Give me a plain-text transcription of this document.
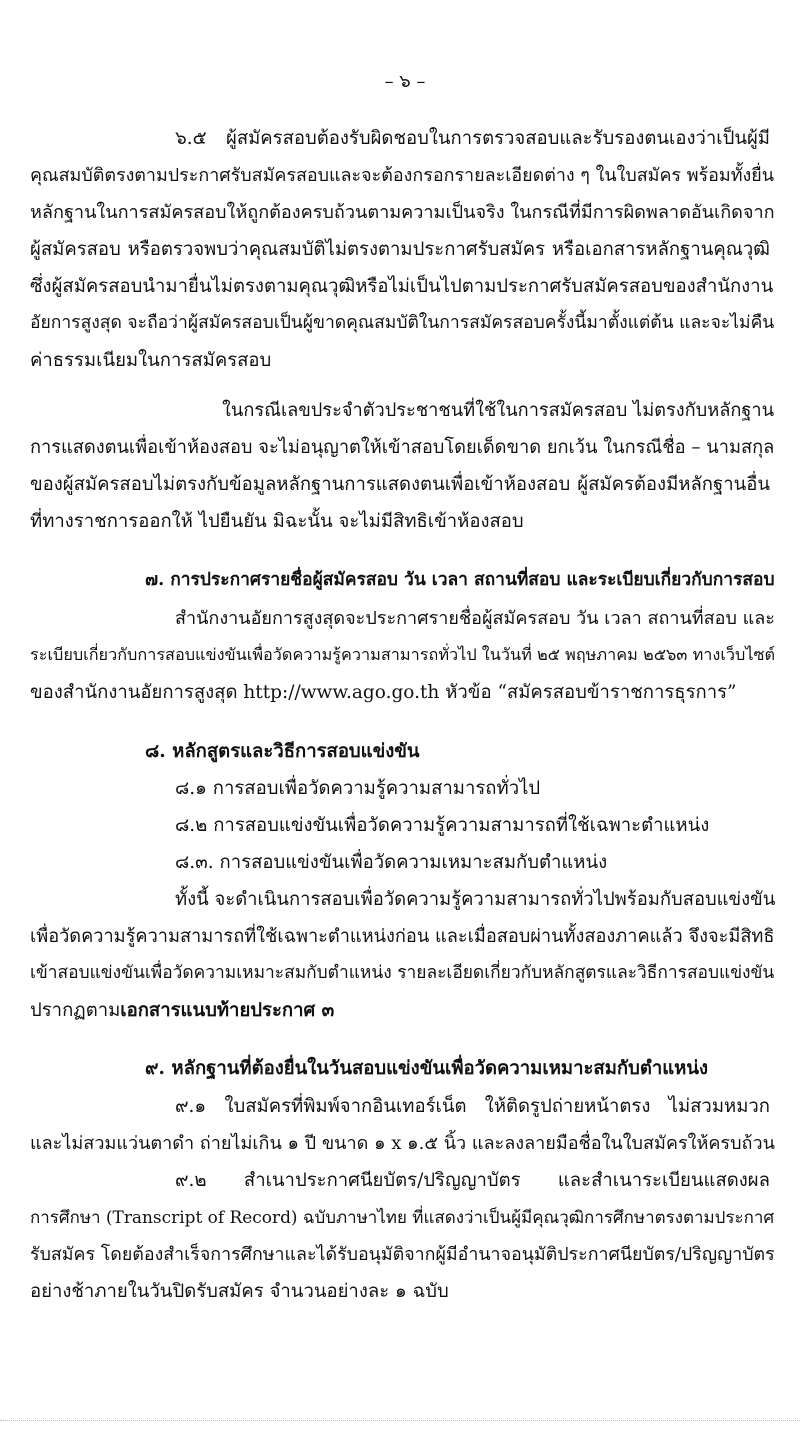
– ๖ –
๖.๕ ผู้สมัครสอบต้องรับผิดชอบในการตรวจสอบและรับรองตนเองว่าเป็นผู้มี
คุณสมบัติตรงตามประกาศรับสมัครสอบและจะต้องกรอกรายละเอียดต่าง ๆ ในใบสมัคร พร้อมทั้งยื่น
หลักฐานในการสมัครสอบให้ถูกต้องครบถ้วนตามความเป็นจริง ในกรณีที่มีการผิดพลาดอันเกิดจาก
ผู้สมัครสอบ หรือตรวจพบว่าคุณสมบัติไม่ตรงตามประกาศรับสมัคร หรือเอกสารหลักฐานคุณวุฒิ
ซึ่งผู้สมัครสอบนำมายื่นไม่ตรงตามคุณวุฒิหรือไม่เป็นไปตามประกาศรับสมัครสอบของสำนักงาน
อัยการสูงสุด จะถือว่าผู้สมัครสอบเป็นผู้ขาดคุณสมบัติในการสมัครสอบครั้งนี้มาตั้งแต่ต้น และจะไม่คืน
ค่าธรรมเนียมในการสมัครสอบ
ในกรณีเลขประจำตัวประชาชนที่ใช้ในการสมัครสอบ ไม่ตรงกับหลักฐาน
การแสดงตนเพื่อเข้าห้องสอบ จะไม่อนุญาตให้เข้าสอบโดยเด็ดขาด ยกเว้น ในกรณีชื่อ – นามสกุล
ของผู้สมัครสอบไม่ตรงกับข้อมูลหลักฐานการแสดงตนเพื่อเข้าห้องสอบ ผู้สมัครต้องมีหลักฐานอื่น
ที่ทางราชการออกให้ ไปยืนยัน มิฉะนั้น จะไม่มีสิทธิเข้าห้องสอบ
๗. การประกาศรายชื่อผู้สมัครสอบ วัน เวลา สถานที่สอบ และระเบียบเกี่ยวกับการสอบ
สำนักงานอัยการสูงสุดจะประกาศรายชื่อผู้สมัครสอบ วัน เวลา สถานที่สอบ และ
ระเบียบเกี่ยวกับการสอบแข่งขันเพื่อวัดความรู้ความสามารถทั่วไป ในวันที่ ๒๕ พฤษภาคม ๒๕๖๓ ทางเว็บไซต์
ของสำนักงานอัยการสูงสุด http://www.ago.go.th หัวข้อ “สมัครสอบข้าราชการธุรการ”
๘. หลักสูตรและวิธีการสอบแข่งขัน
๘.๑ การสอบเพื่อวัดความรู้ความสามารถทั่วไป
๘.๒ การสอบแข่งขันเพื่อวัดความรู้ความสามารถที่ใช้เฉพาะตำแหน่ง
๘.๓. การสอบแข่งขันเพื่อวัดความเหมาะสมกับตำแหน่ง
ทั้งนี้ จะดำเนินการสอบเพื่อวัดความรู้ความสามารถทั่วไปพร้อมกับสอบแข่งขัน
เพื่อวัดความรู้ความสามารถที่ใช้เฉพาะตำแหน่งก่อน และเมื่อสอบผ่านทั้งสองภาคแล้ว จึงจะมีสิทธิ
เข้าสอบแข่งขันเพื่อวัดความเหมาะสมกับตำแหน่ง รายละเอียดเกี่ยวกับหลักสูตรและวิธีการสอบแข่งขัน
ปรากฏตามเอกสารแนบท้ายประกาศ ๓
๙. หลักฐานที่ต้องยื่นในวันสอบแข่งขันเพื่อวัดความเหมาะสมกับตำแหน่ง
๙.๑ ใบสมัครที่พิมพ์จากอินเทอร์เน็ต ให้ติดรูปถ่ายหน้าตรง ไม่สวมหมวก
และไม่สวมแว่นตาดำ ถ่ายไม่เกิน ๑ ปี ขนาด ๑ x ๑.๕ นิ้ว และลงลายมือชื่อในใบสมัครให้ครบถ้วน
๙.๒ สำเนาประกาศนียบัตร/ปริญญาบัตร และสำเนาระเบียนแสดงผล
การศึกษา (Transcript of Record) ฉบับภาษาไทย ที่แสดงว่าเป็นผู้มีคุณวุฒิการศึกษาตรงตามประกาศ
รับสมัคร โดยต้องสำเร็จการศึกษาและได้รับอนุมัติจากผู้มีอำนาจอนุมัติประกาศนียบัตร/ปริญญาบัตร
อย่างช้าภายในวันปิดรับสมัคร จำนวนอย่างละ ๑ ฉบับ
